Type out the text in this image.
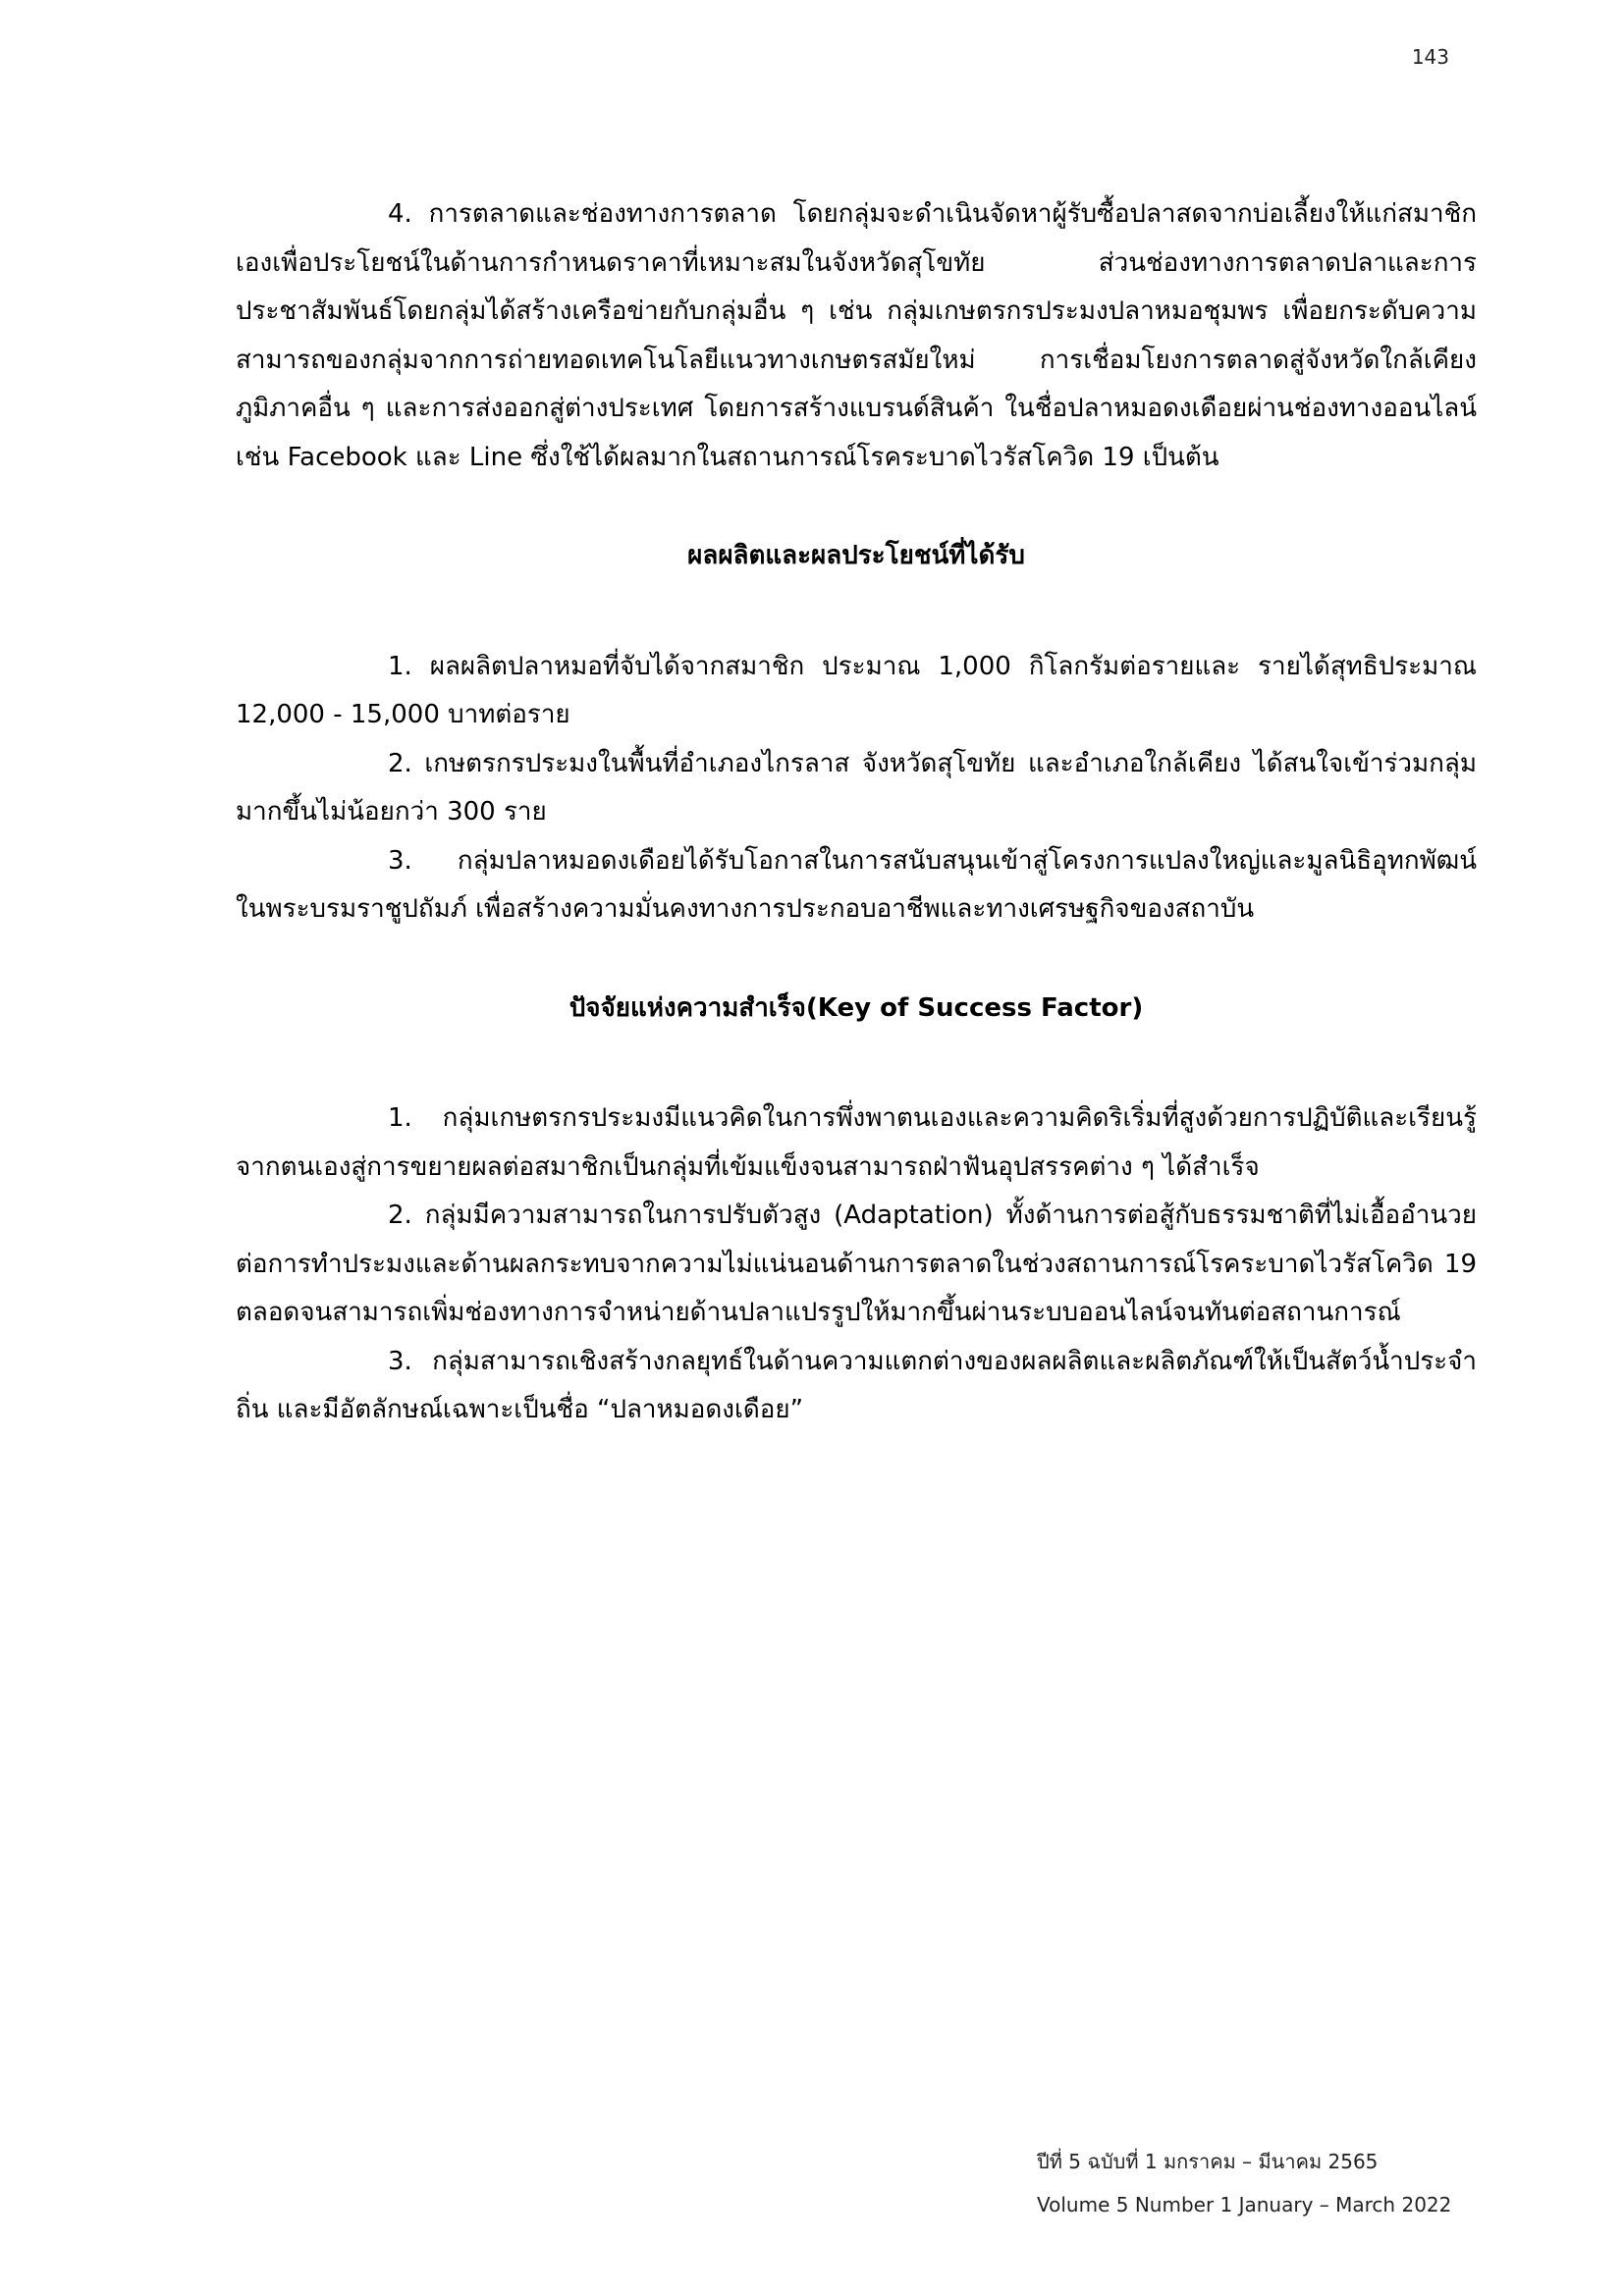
143

4. การตลาดและช่องทางการตลาด โดยกลุ่มจะดำเนินจัดหาผู้รับซื้อปลาสดจากบ่อเลี้ยงให้แก่สมาชิกเองเพื่อประโยชน์ในด้านการกำหนดราคาที่เหมาะสมในจังหวัดสุโขทัย ส่วนช่องทางการตลาดปลาและการประชาสัมพันธ์โดยกลุ่มได้สร้างเครือข่ายกับกลุ่มอื่น ๆ เช่น กลุ่มเกษตรกรประมงปลาหมอชุมพร เพื่อยกระดับความสามารถของกลุ่มจากการถ่ายทอดเทคโนโลยีแนวทางเกษตรสมัยใหม่ การเชื่อมโยงการตลาดสู่จังหวัดใกล้เคียง ภูมิภาคอื่น ๆ และการส่งออกสู่ต่างประเทศ โดยการสร้างแบรนด์สินค้า ในชื่อปลาหมอดงเดือยผ่านช่องทางออนไลน์ เช่น Facebook และ Line ซึ่งใช้ได้ผลมากในสถานการณ์โรคระบาดไวรัสโควิด 19 เป็นต้น

ผลผลิตและผลประโยชน์ที่ได้รับ

1. ผลผลิตปลาหมอที่จับได้จากสมาชิก ประมาณ 1,000 กิโลกรัมต่อรายและ รายได้สุทธิประมาณ 12,000 - 15,000 บาทต่อราย

2. เกษตรกรประมงในพื้นที่อำเภองไกรลาส จังหวัดสุโขทัย และอำเภอใกล้เคียง ได้สนใจเข้าร่วมกลุ่มมากขึ้นไม่น้อยกว่า 300 ราย

3. กลุ่มปลาหมอดงเดือยได้รับโอกาสในการสนับสนุนเข้าสู่โครงการแปลงใหญ่และมูลนิธิอุทกพัฒน์ ในพระบรมราชูปถัมภ์ เพื่อสร้างความมั่นคงทางการประกอบอาชีพและทางเศรษฐกิจของสถาบัน

ปัจจัยแห่งความสำเร็จ(Key of Success Factor)

1. กลุ่มเกษตรกรประมงมีแนวคิดในการพึ่งพาตนเองและความคิดริเริ่มที่สูงด้วยการปฏิบัติและเรียนรู้จากตนเองสู่การขยายผลต่อสมาชิกเป็นกลุ่มที่เข้มแข็งจนสามารถฝ่าฟันอุปสรรคต่าง ๆ ได้สำเร็จ

2. กลุ่มมีความสามารถในการปรับตัวสูง (Adaptation) ทั้งด้านการต่อสู้กับธรรมชาติที่ไม่เอื้ออำนวยต่อการทำประมงและด้านผลกระทบจากความไม่แน่นอนด้านการตลาดในช่วงสถานการณ์โรคระบาดไวรัสโควิด 19 ตลอดจนสามารถเพิ่มช่องทางการจำหน่ายด้านปลาแปรรูปให้มากขึ้นผ่านระบบออนไลน์จนทันต่อสถานการณ์

3. กลุ่มสามารถเชิงสร้างกลยุทธ์ในด้านความแตกต่างของผลผลิตและผลิตภัณฑ์ให้เป็นสัตว์น้ำประจำถิ่น และมีอัตลักษณ์เฉพาะเป็นชื่อ “ปลาหมอดงเดือย”

ปีที่ 5 ฉบับที่ 1 มกราคม – มีนาคม 2565
Volume 5 Number 1 January – March 2022
